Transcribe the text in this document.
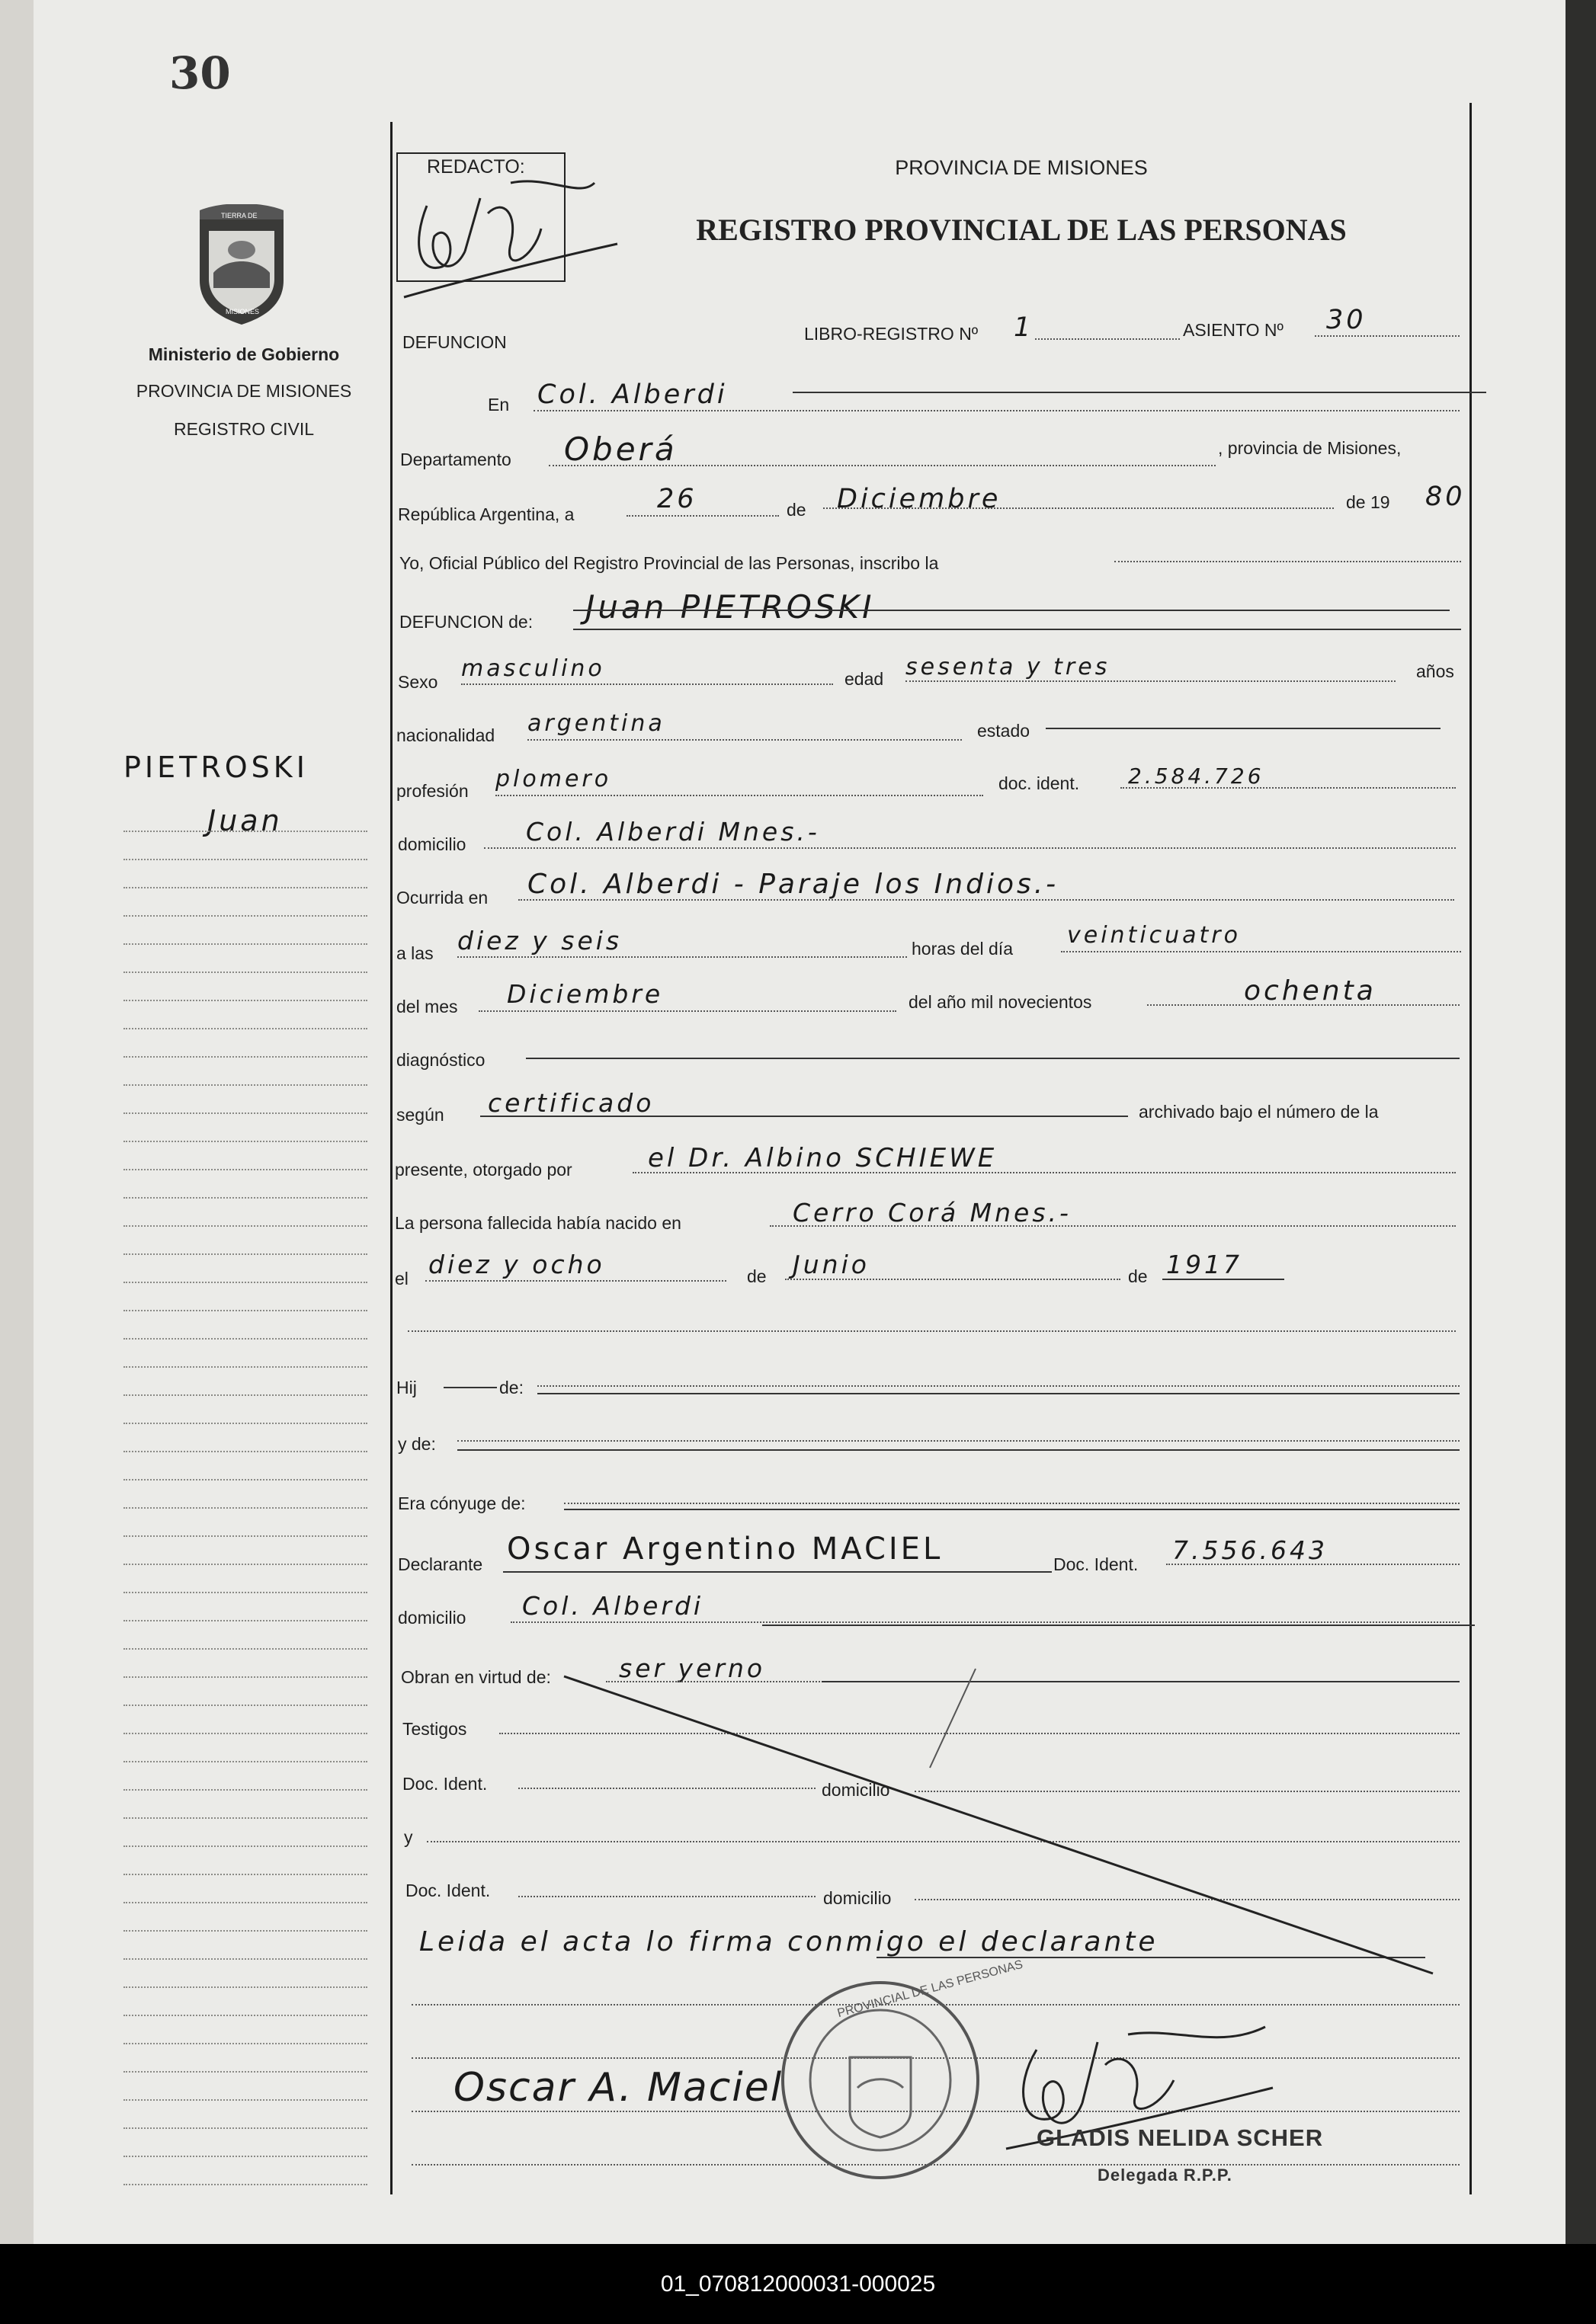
30
REDACTO:
TIERRA DE
MISIONES
Ministerio de Gobierno
PROVINCIA DE MISIONES
REGISTRO CIVIL
PROVINCIA DE MISIONES
REGISTRO PROVINCIAL DE LAS PERSONAS
PIETROSKI
Juan
DEFUNCION	LIBRO-REGISTRO Nº 1	ASIENTO Nº 30
En Col. Alberdi
Departamento Oberá	, provincia de Misiones,
República Argentina, a	26	de Diciembre	de 19 80
Yo, Oficial Público del Registro Provincial de las Personas, inscribo la
DEFUNCION de: Juan PIETROSKI
Sexo masculino	edad sesenta y tres	años
nacionalidad argentina	estado
profesión plomero	doc. ident. 2.584.726
domicilio Col. Alberdi Mnes.-
Ocurrida en Col. Alberdi - Paraje los Indios.-
a las diez y seis	horas del día veinticuatro
del mes Diciembre	del año mil novecientos	ochenta
diagnóstico
según certificado	archivado bajo el número de la
presente, otorgado por	el Dr. Albino SCHIEWE
La persona fallecida había nacido en	Cerro Corá Mnes.-
el diez y ocho	de Junio	de 1917
Hij	de:
y de:
Era cónyuge de:
Declarante Oscar Argentino MACIEL	Doc. Ident. 7.556.643
domicilio Col. Alberdi
Obran en virtud de:	ser yerno
Testigos
Doc. Ident.	domicilio
y
Doc. Ident.	domicilio
Leida el acta lo firma conmigo el declarante
Oscar A. Maciel
PROVINCIAL DE LAS PERSONAS
GLADIS NELIDA SCHER
Delegada R.P.P.
01_070812000031-000025
